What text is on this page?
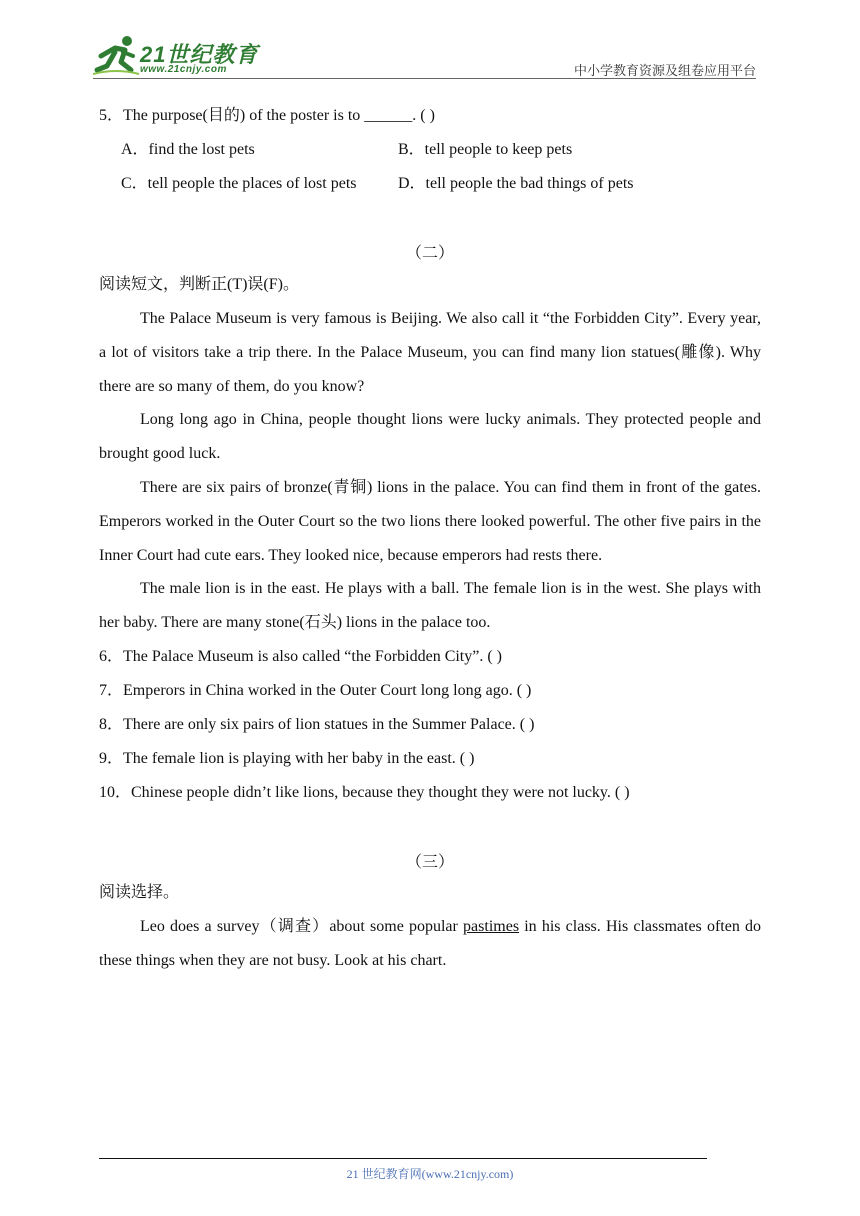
21世纪教育
www.21cnjy.com	中小学教育资源及组卷应用平台
5．The purpose(目的) of the poster is to ______. ( )
A．find the lost pets	B．tell people to keep pets
C．tell people the places of lost pets	D．tell people the bad things of pets
（二）
阅读短文，判断正(T)误(F)。
The Palace Museum is very famous is Beijing. We also call it “the Forbidden City”. Every year, a lot of visitors take a trip there. In the Palace Museum, you can find many lion statues(雕像). Why there are so many of them, do you know?
Long long ago in China, people thought lions were lucky animals. They protected people and brought good luck.
There are six pairs of bronze(青铜) lions in the palace. You can find them in front of the gates. Emperors worked in the Outer Court so the two lions there looked powerful. The other five pairs in the Inner Court had cute ears. They looked nice, because emperors had rests there.
The male lion is in the east. He plays with a ball. The female lion is in the west. She plays with her baby. There are many stone(石头) lions in the palace too.
6．The Palace Museum is also called “the Forbidden City”. ( )
7．Emperors in China worked in the Outer Court long long ago. ( )
8．There are only six pairs of lion statues in the Summer Palace. ( )
9．The female lion is playing with her baby in the east. ( )
10．Chinese people didn’t like lions, because they thought they were not lucky. ( )
（三）
阅读选择。
Leo does a survey（调查）about some popular pastimes in his class. His classmates often do these things when they are not busy. Look at his chart.
21 世纪教育网(www.21cnjy.com)
